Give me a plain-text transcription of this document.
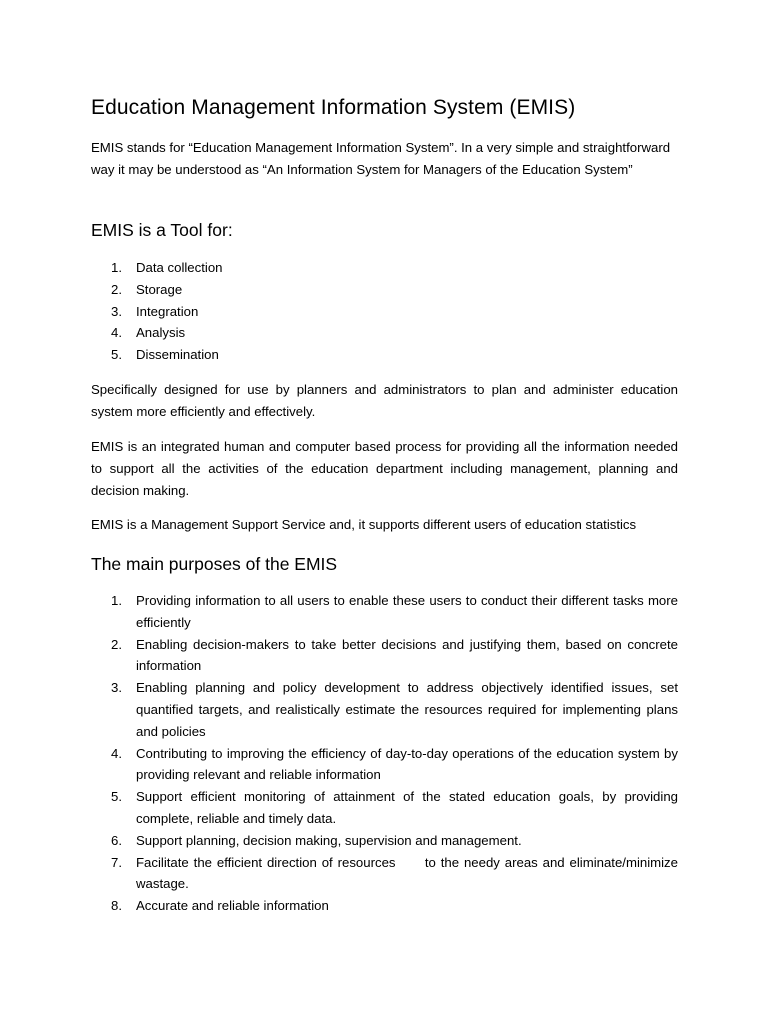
Education Management Information System (EMIS)

EMIS stands for “Education Management Information System”. In a very simple and straightforward way it may be understood as “An Information System for Managers of the Education System”

EMIS is a Tool for:
1. Data collection
2. Storage
3. Integration
4. Analysis
5. Dissemination

Specifically designed for use by planners and administrators to plan and administer education system more efficiently and effectively.

EMIS is an integrated human and computer based process for providing all the information needed to support all the activities of the education department including management, planning and decision making.

EMIS is a Management Support Service and, it supports different users of education statistics

The main purposes of the EMIS
1. Providing information to all users to enable these users to conduct their different tasks more efficiently
2. Enabling decision-makers to take better decisions and justifying them, based on concrete information
3. Enabling planning and policy development to address objectively identified issues, set quantified targets, and realistically estimate the resources required for implementing plans and policies
4. Contributing to improving the efficiency of day-to-day operations of the education system by providing relevant and reliable information
5. Support efficient monitoring of attainment of the stated education goals, by providing complete, reliable and timely data.
6. Support planning, decision making, supervision and management.
7. Facilitate the efficient direction of resources      to the needy areas and eliminate/minimize wastage.
8. Accurate and reliable information
